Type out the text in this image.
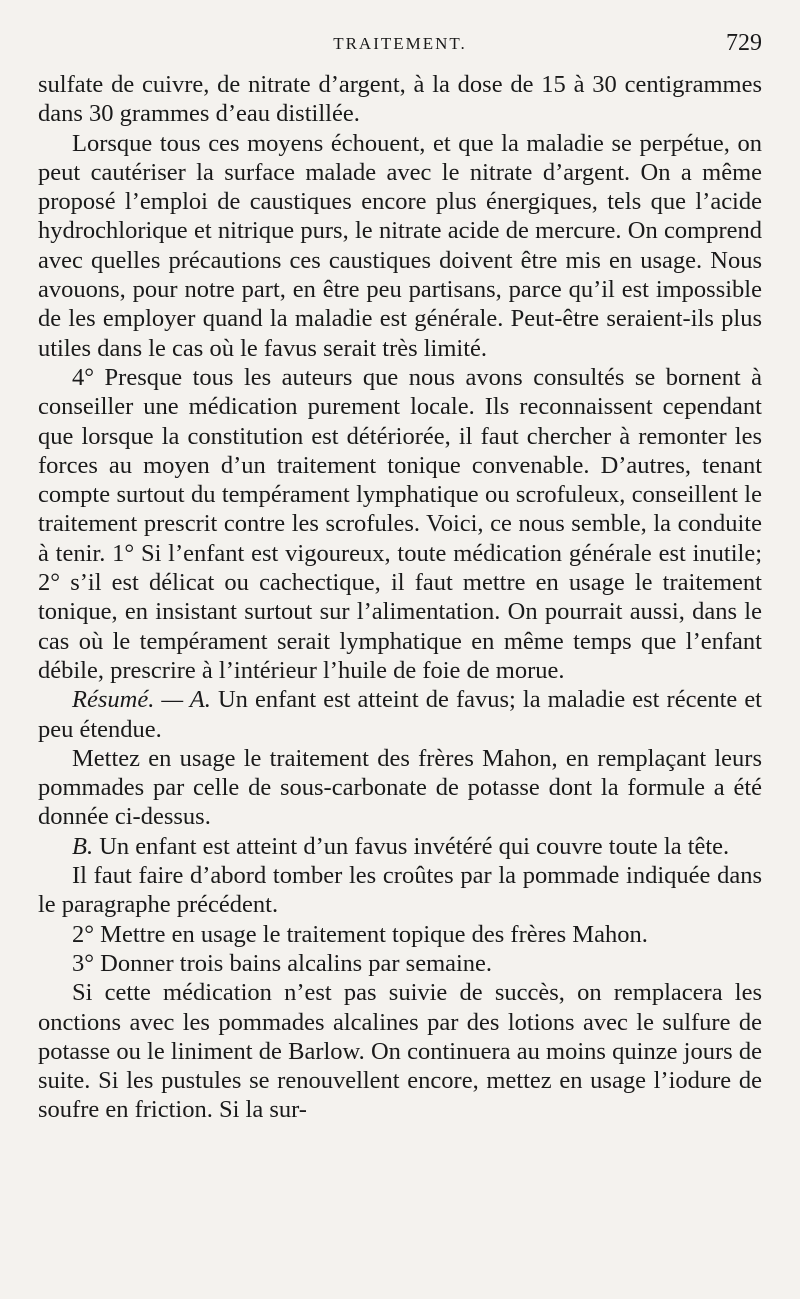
TRAITEMENT.	729

sulfate de cuivre, de nitrate d’argent, à la dose de 15 à 30 centigrammes dans 30 grammes d’eau distillée.

Lorsque tous ces moyens échouent, et que la maladie se perpétue, on peut cautériser la surface malade avec le nitrate d’argent. On a même proposé l’emploi de caustiques encore plus énergiques, tels que l’acide hydrochlorique et nitrique purs, le nitrate acide de mercure. On comprend avec quelles précautions ces caustiques doivent être mis en usage. Nous avouons, pour notre part, en être peu partisans, parce qu’il est impossible de les employer quand la maladie est générale. Peut-être seraient-ils plus utiles dans le cas où le favus serait très limité.

4° Presque tous les auteurs que nous avons consultés se bornent à conseiller une médication purement locale. Ils reconnaissent cependant que lorsque la constitution est détériorée, il faut chercher à remonter les forces au moyen d’un traitement tonique convenable. D’autres, tenant compte surtout du tempérament lymphatique ou scrofuleux, conseillent le traitement prescrit contre les scrofules. Voici, ce nous semble, la conduite à tenir. 1° Si l’enfant est vigoureux, toute médication générale est inutile; 2° s’il est délicat ou cachectique, il faut mettre en usage le traitement tonique, en insistant surtout sur l’alimentation. On pourrait aussi, dans le cas où le tempérament serait lymphatique en même temps que l’enfant débile, prescrire à l’intérieur l’huile de foie de morue.

Résumé. — A. Un enfant est atteint de favus; la maladie est récente et peu étendue.

Mettez en usage le traitement des frères Mahon, en remplaçant leurs pommades par celle de sous-carbonate de potasse dont la formule a été donnée ci-dessus.

B. Un enfant est atteint d’un favus invétéré qui couvre toute la tête.

Il faut faire d’abord tomber les croûtes par la pommade indiquée dans le paragraphe précédent.

2° Mettre en usage le traitement topique des frères Mahon.

3° Donner trois bains alcalins par semaine.

Si cette médication n’est pas suivie de succès, on remplacera les onctions avec les pommades alcalines par des lotions avec le sulfure de potasse ou le liniment de Barlow. On continuera au moins quinze jours de suite. Si les pustules se renouvellent encore, mettez en usage l’iodure de soufre en friction. Si la sur-
